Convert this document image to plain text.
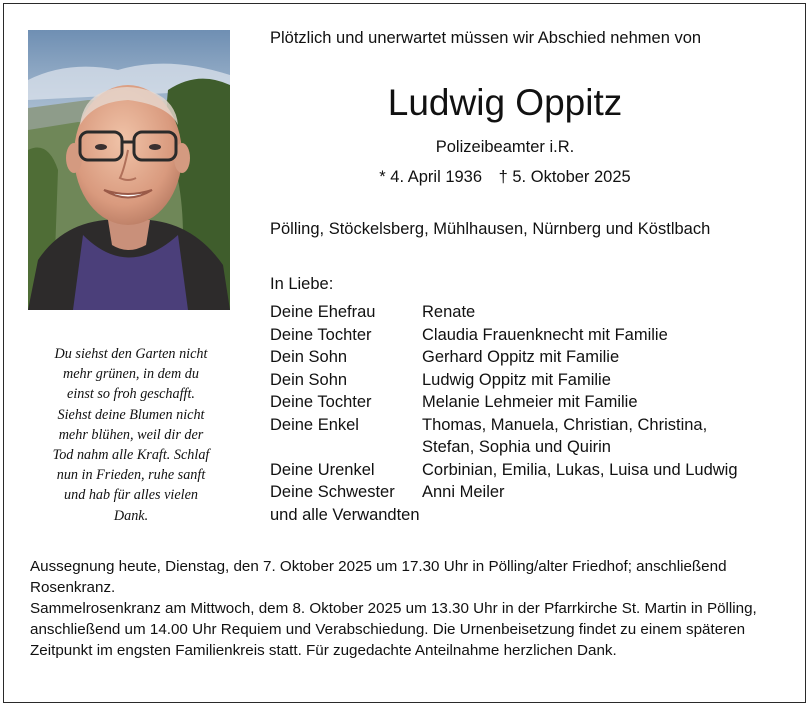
Du siehst den Garten nicht
mehr grünen, in dem du
einst so froh geschafft.
Siehst deine Blumen nicht
mehr blühen, weil dir der
Tod nahm alle Kraft. Schlaf
nun in Frieden, ruhe sanft
und hab für alles vielen
Dank.
Plötzlich und unerwartet müssen wir Abschied nehmen von
Ludwig Oppitz
Polizeibeamter i.R.
* 4. April 1936 † 5. Oktober 2025
Pölling, Stöckelsberg, Mühlhausen, Nürnberg und Köstlbach
In Liebe:
Deine Ehefrau	Renate
Deine Tochter	Claudia Frauenknecht mit Familie
Dein Sohn	Gerhard Oppitz mit Familie
Dein Sohn	Ludwig Oppitz mit Familie
Deine Tochter	Melanie Lehmeier mit Familie
Deine Enkel	Thomas, Manuela, Christian, Christina,
Stefan, Sophia und Quirin
Deine Urenkel	Corbinian, Emilia, Lukas, Luisa und Ludwig
Deine Schwester	Anni Meiler
und alle Verwandten	

Aussegnung heute, Dienstag, den 7. Oktober 2025 um 17.30 Uhr in Pölling/alter Friedhof; anschließend Rosenkranz.

Sammelrosenkranz am Mittwoch, dem 8. Oktober 2025 um 13.30 Uhr in der Pfarrkirche St. Martin in Pölling, anschließend um 14.00 Uhr Requiem und Verabschiedung. Die Urnenbeisetzung findet zu einem späteren Zeitpunkt im engsten Familienkreis statt. Für zugedachte Anteilnahme herzlichen Dank.
